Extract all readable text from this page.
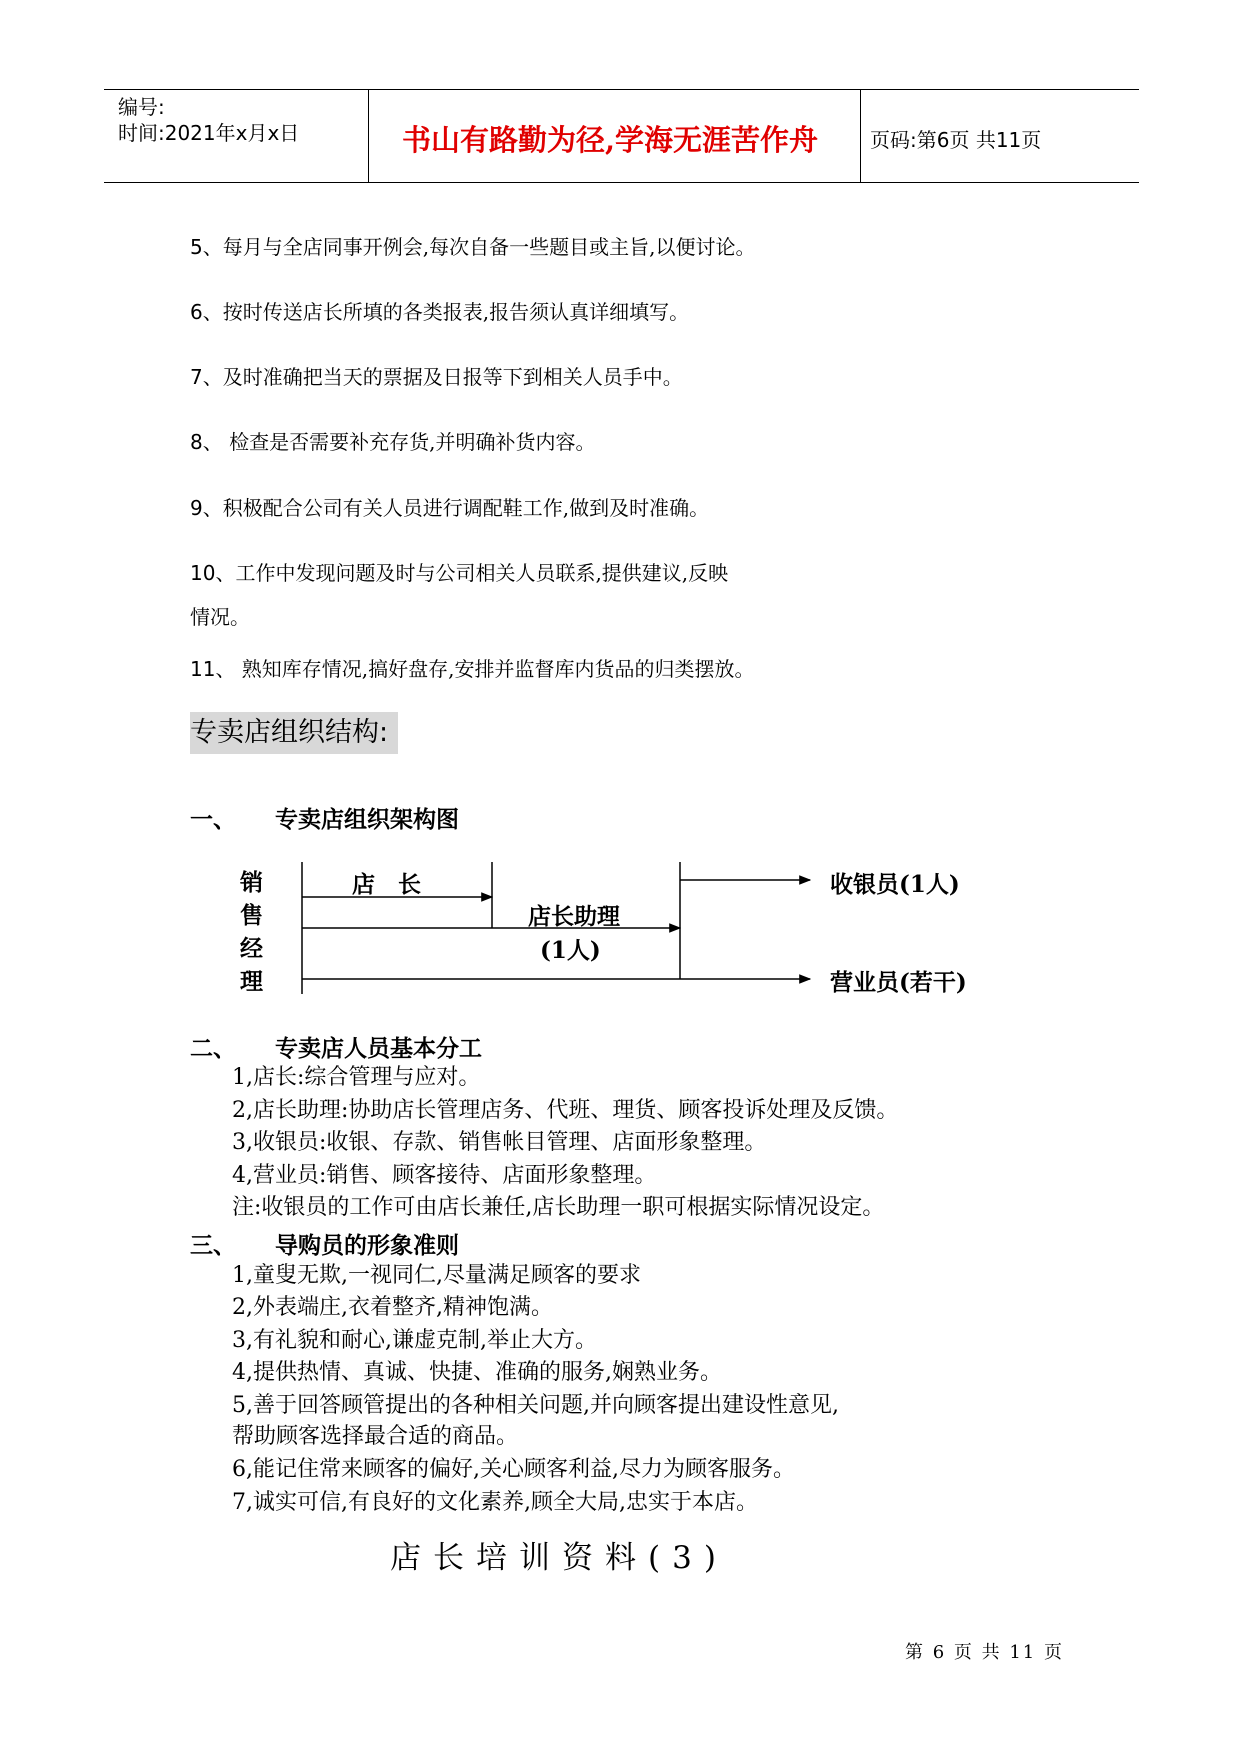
编号:
时间:2021年x月x日	书山有路勤为径,学海无涯苦作舟	页码:第6页 共11页
5、每月与全店同事开例会,每次自备一些题目或主旨,以便讨论。
6、按时传送店长所填的各类报表,报告须认真详细填写。
7、及时准确把当天的票据及日报等下到相关人员手中。
8、 检查是否需要补充存货,并明确补货内容。
9、积极配合公司有关人员进行调配鞋工作,做到及时准确。
10、工作中发现问题及时与公司相关人员联系,提供建议,反映
情况。
11、 熟知库存情况,搞好盘存,安排并监督库内货品的归类摆放。
专卖店组织结构:
一、 专卖店组织架构图
销
售
经
理
店　长
店长助理
(1人)
收银员(1人)
营业员(若干)
二、 专卖店人员基本分工
1,店长:综合管理与应对。
2,店长助理:协助店长管理店务、代班、理货、顾客投诉处理及反馈。
3,收银员:收银、存款、销售帐目管理、店面形象整理。
4,营业员:销售、顾客接待、店面形象整理。
注:收银员的工作可由店长兼任,店长助理一职可根据实际情况设定。
三、 导购员的形象准则
1,童叟无欺,一视同仁,尽量满足顾客的要求
2,外表端庄,衣着整齐,精神饱满。
3,有礼貌和耐心,谦虚克制,举止大方。
4,提供热情、真诚、快捷、准确的服务,娴熟业务。
5,善于回答顾管提出的各种相关问题,并向顾客提出建设性意见,
帮助顾客选择最合适的商品。
6,能记住常来顾客的偏好,关心顾客利益,尽力为顾客服务。
7,诚实可信,有良好的文化素养,顾全大局,忠实于本店。
店长培训资料(3)
第 6 页 共 11 页
